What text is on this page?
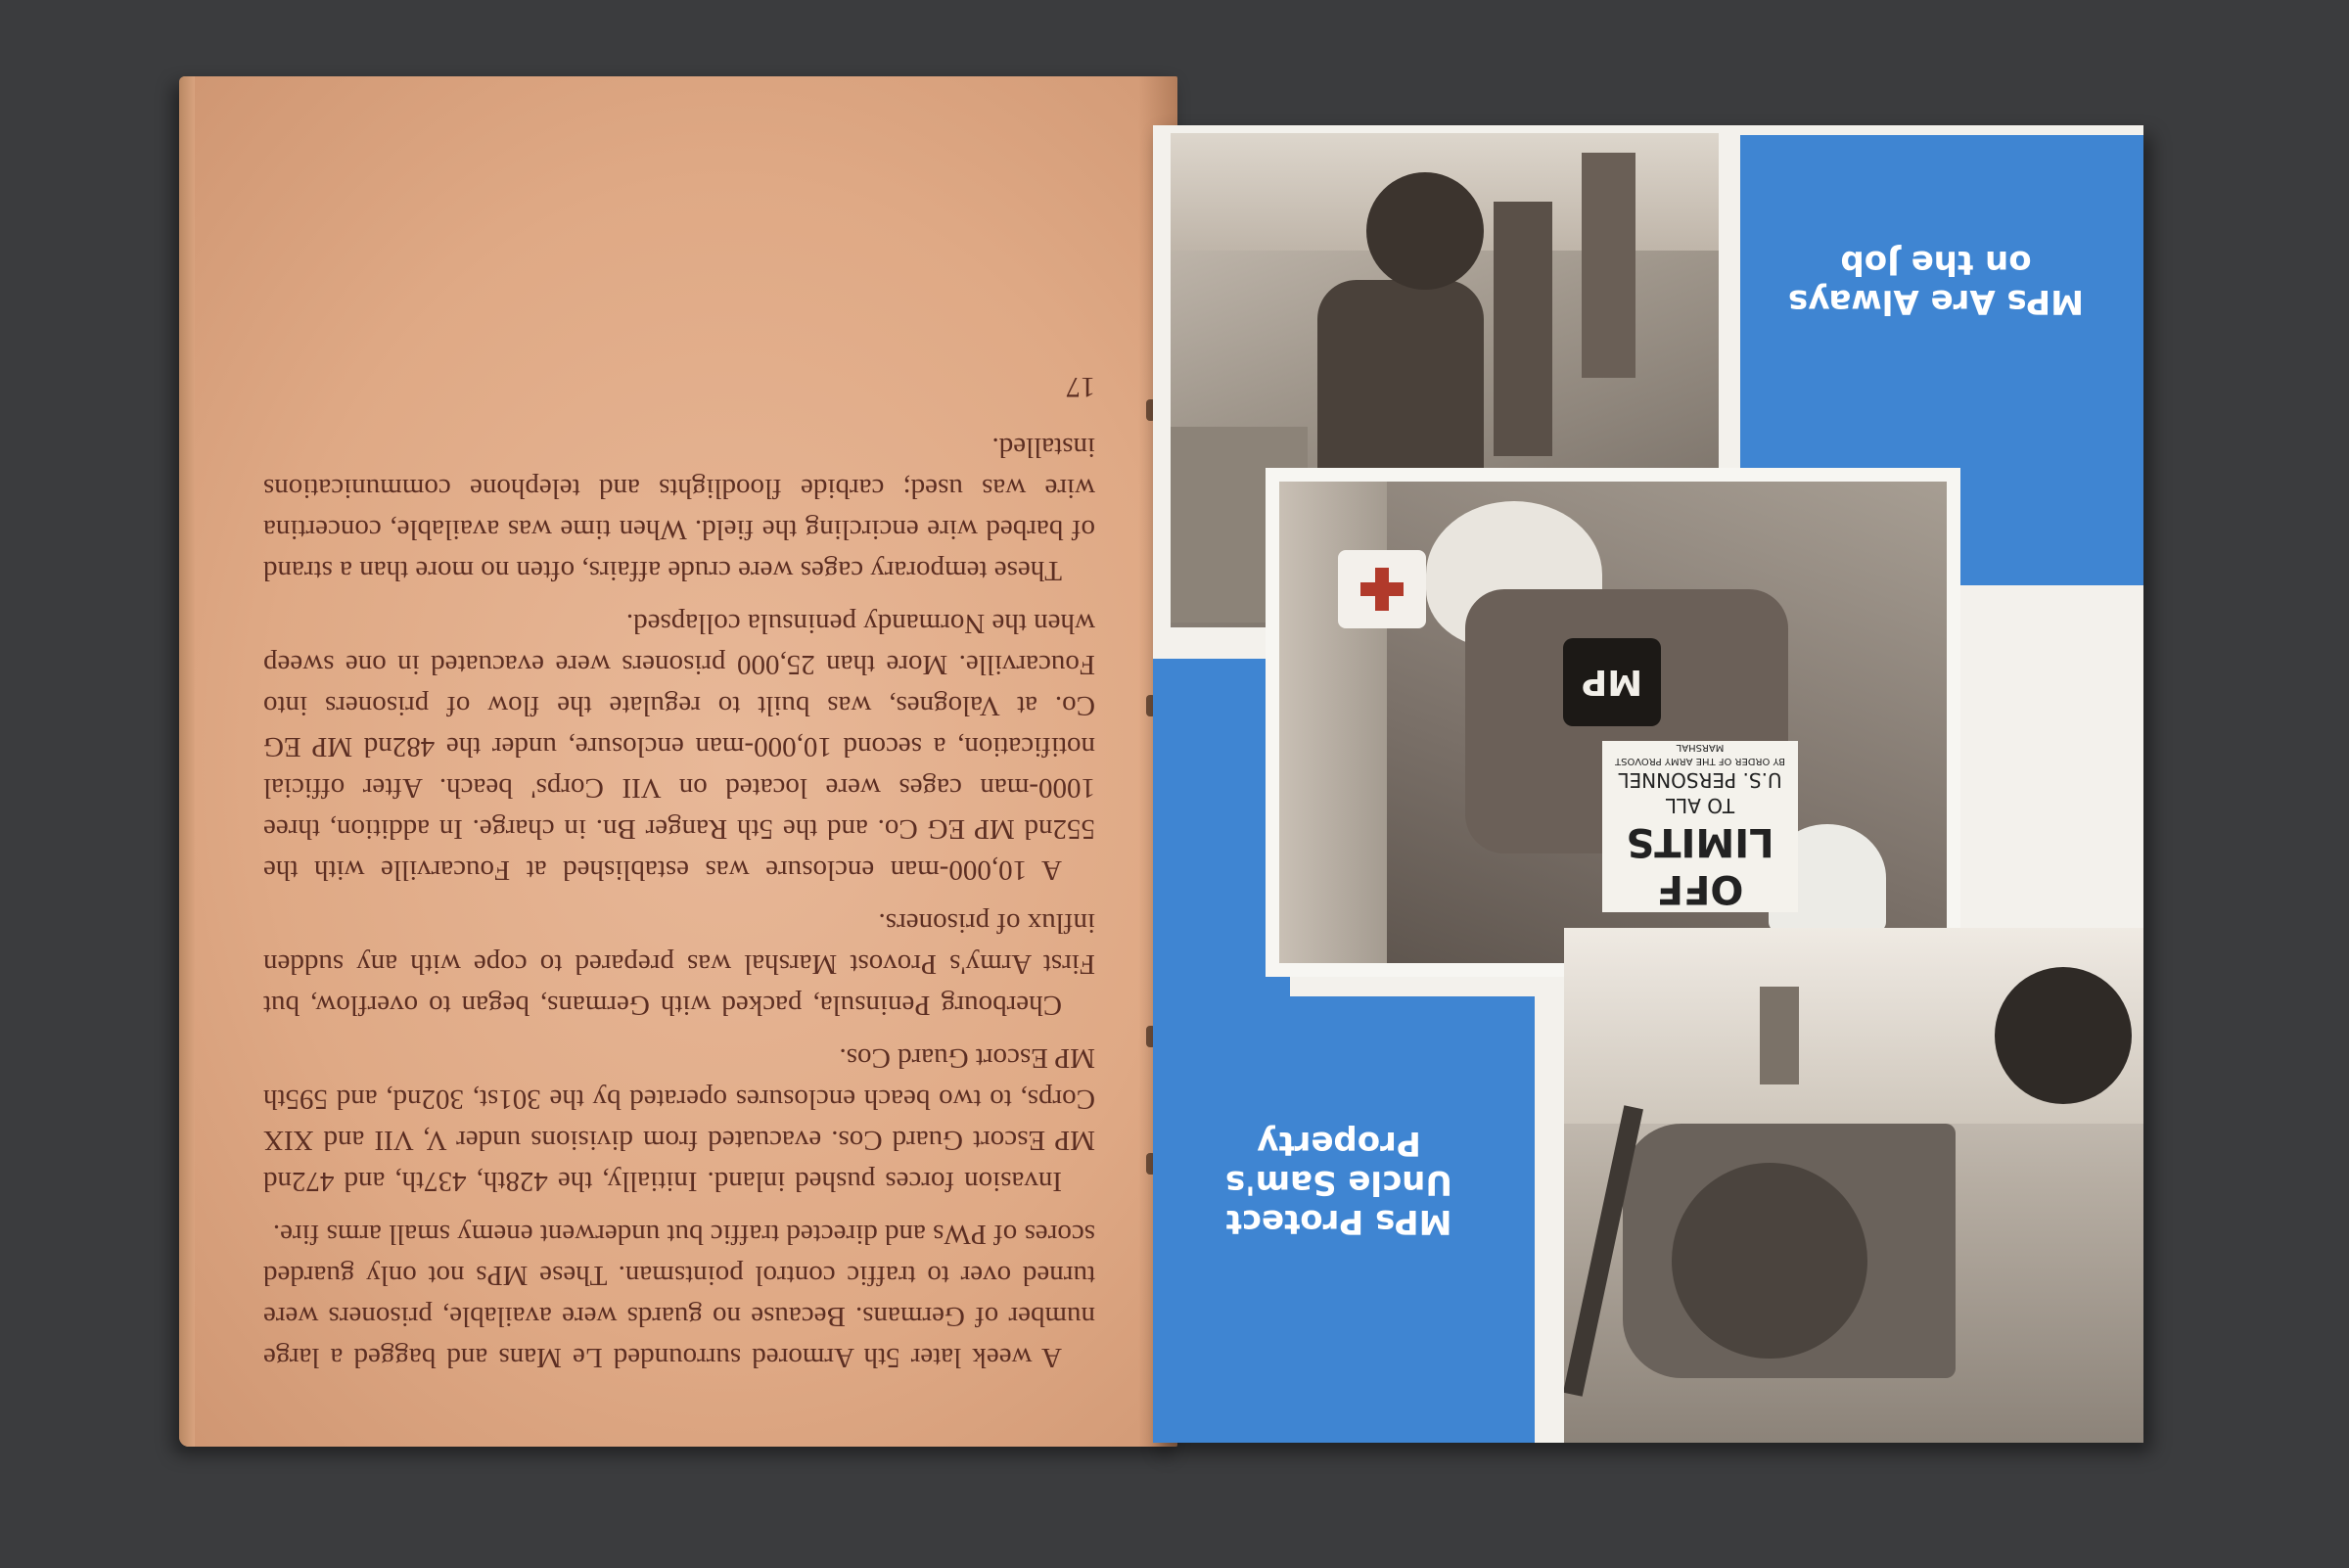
A week later 5th Armored surrounded Le Mans and bagged a large number of Germans. Because no guards were available, prisoners were turned over to traffic control pointsman. These MPs not only guarded scores of PWs and directed traffic but underwent enemy small arms fire.

Invasion forces pushed inland. Initially, the 428th, 437th, and 472nd MP Escort Guard Cos. evacuated from divisions under V, VII and XIX Corps, to two beach enclosures operated by the 301st, 302nd, and 595th MP Escort Guard Cos.

Cherbourg Peninsula, packed with Germans, began to overflow, but First Army's Provost Marshal was prepared to cope with any sudden influx of prisoners.

A 10,000-man enclosure was established at Foucarville with the 552nd MP EG Co. and the 5th Ranger Bn. in charge. In addition, three 1000-man cages were located on VII Corps' beach. After official notification, a second 10,000-man enclosure, under the 482nd MP EG Co. at Valognes, was built to regulate the flow of prisoners into Foucarville. More than 25,000 prisoners were evacuated in one sweep when the Normandy peninsula collapsed.

These temporary cages were crude affairs, often no more than a strand of barbed wire encircling the field. When time was available, concertina wire was used; carbide floodlights and telephone communications installed.

17

MPs Are Always on the Job
MPs Protect Uncle Sam's Property
MP
OFF LIMITS
TO ALL
U.S. PERSONNEL
BY ORDER OF THE ARMY PROVOST MARSHAL
